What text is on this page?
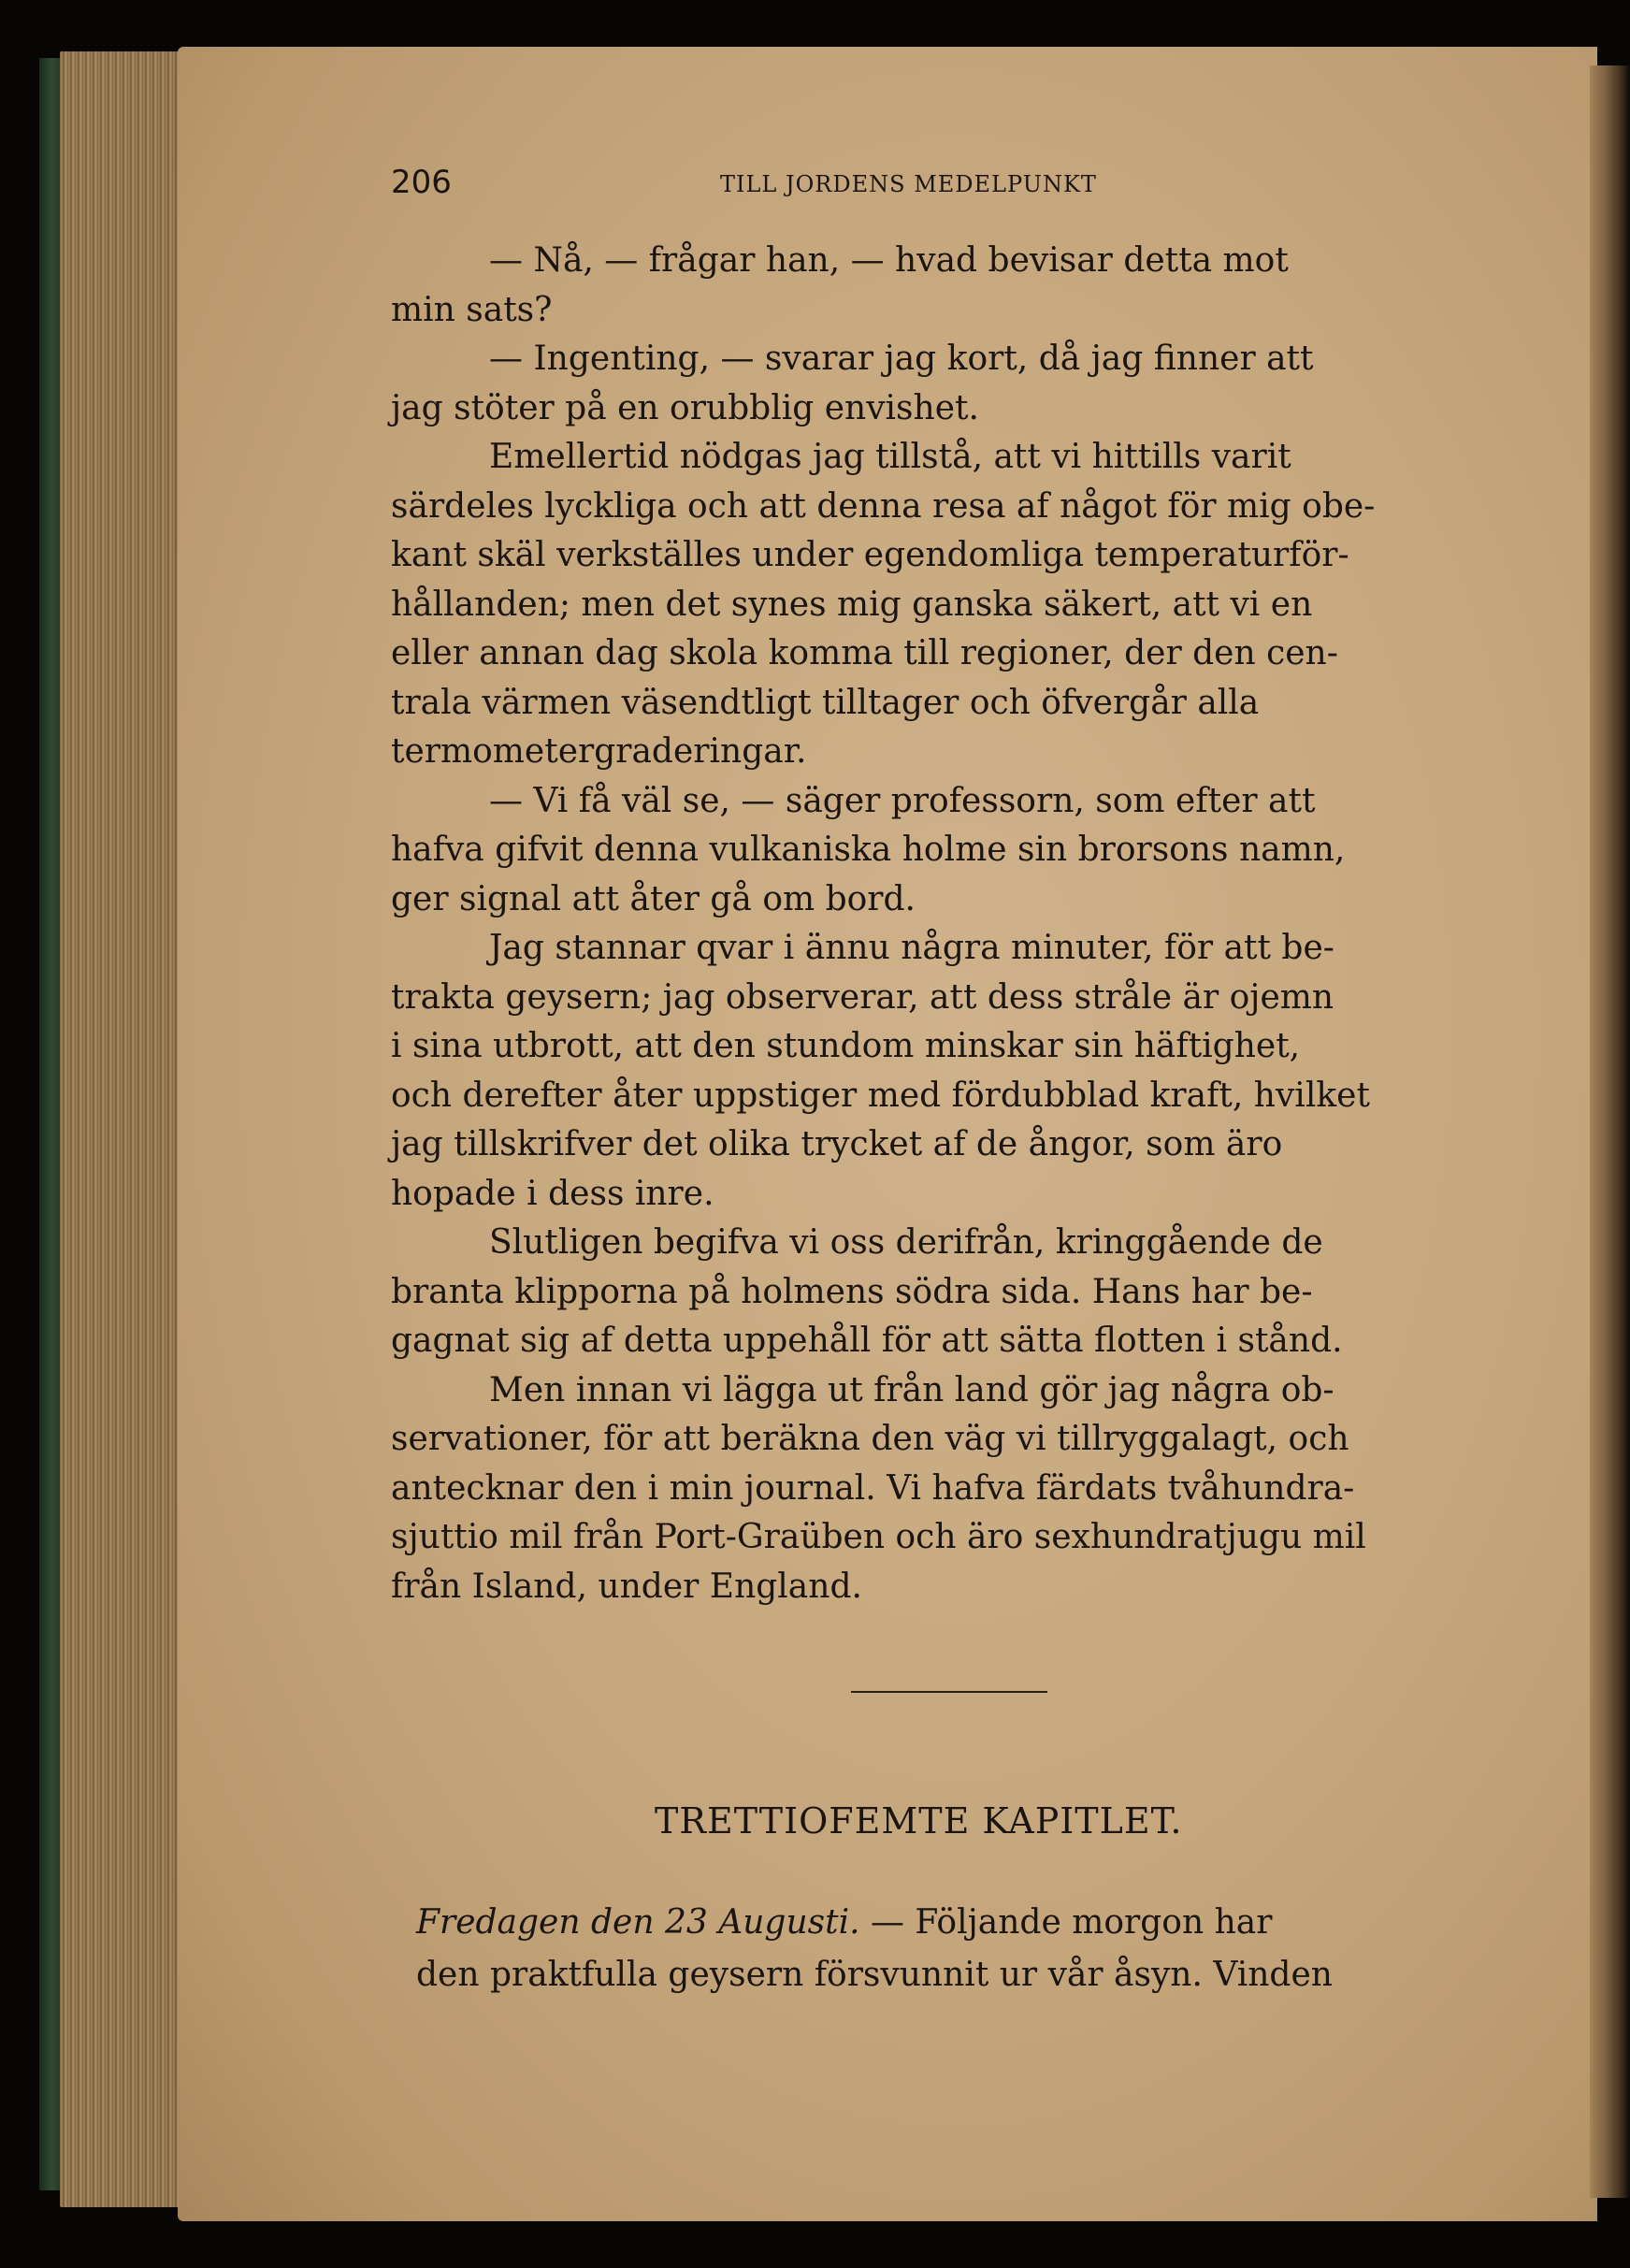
206	TILL JORDENS MEDELPUNKT
— Nå, — frågar han, — hvad bevisar detta mot
min sats?
— Ingenting, — svarar jag kort, då jag finner att
jag stöter på en orubblig envishet.
Emellertid nödgas jag tillstå, att vi hittills varit
särdeles lyckliga och att denna resa af något för mig obe-
kant skäl verkställes under egendomliga temperaturför-
hållanden; men det synes mig ganska säkert, att vi en
eller annan dag skola komma till regioner, der den cen-
trala värmen väsendtligt tilltager och öfvergår alla
termometergraderingar.
— Vi få väl se, — säger professorn, som efter att
hafva gifvit denna vulkaniska holme sin brorsons namn,
ger signal att åter gå om bord.
Jag stannar qvar i ännu några minuter, för att be-
trakta geysern; jag observerar, att dess stråle är ojemn
i sina utbrott, att den stundom minskar sin häftighet,
och derefter åter uppstiger med fördubblad kraft, hvilket
jag tillskrifver det olika trycket af de ångor, som äro
hopade i dess inre.
Slutligen begifva vi oss derifrån, kringgående de
branta klipporna på holmens södra sida. Hans har be-
gagnat sig af detta uppehåll för att sätta flotten i stånd.
Men innan vi lägga ut från land gör jag några ob-
servationer, för att beräkna den väg vi tillryggalagt, och
antecknar den i min journal. Vi hafva färdats tvåhundra-
sjuttio mil från Port-Graüben och äro sexhundratjugu mil
från Island, under England.
TRETTIOFEMTE KAPITLET.
Fredagen den 23 Augusti. — Följande morgon har
den praktfulla geysern försvunnit ur vår åsyn. Vinden
